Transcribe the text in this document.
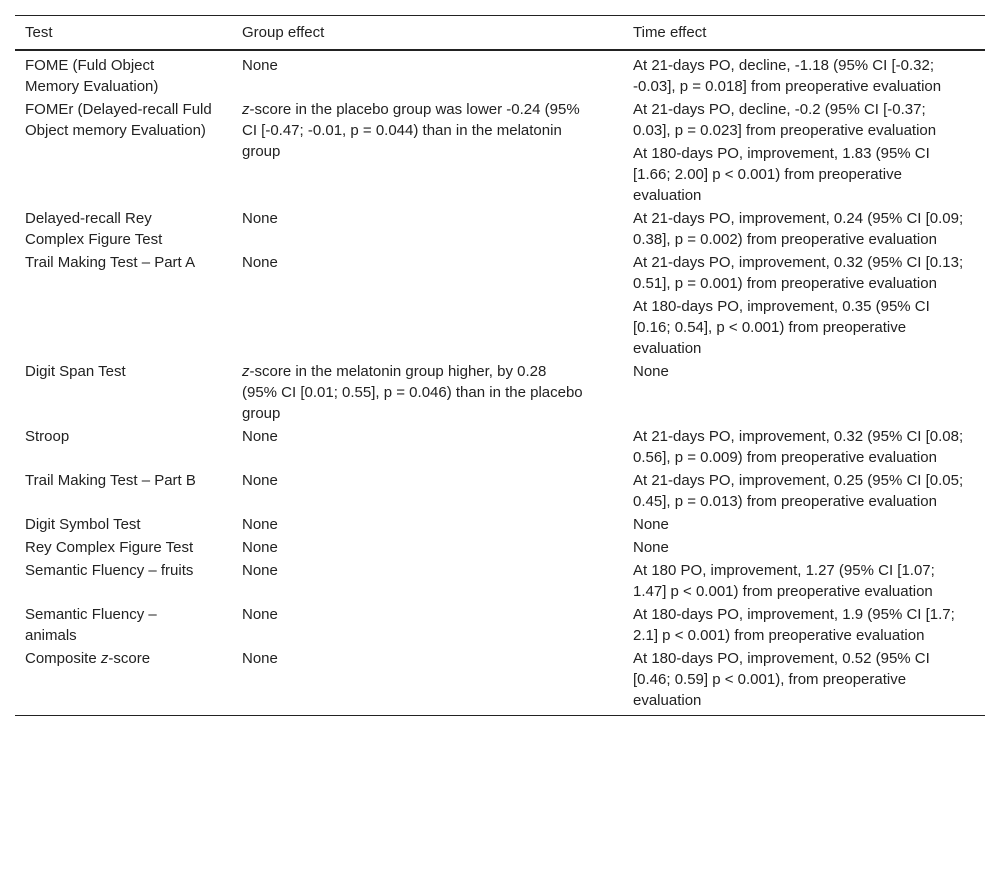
Test	Group effect	Time effect

FOME (Fuld Object Memory Evaluation)	None	At 21-days PO, decline, -1.18 (95% CI [-0.32; -0.03], p = 0.018] from preoperative evaluation

FOMEr (Delayed-recall Fuld Object memory Evaluation)	z-score in the placebo group was lower -0.24 (95% CI [-0.47; -0.01, p = 0.044) than in the melatonin group	At 21-days PO, decline, -0.2 (95% CI [-0.37; 0.03], p = 0.023] from preoperative evaluation
At 180-days PO, improvement, 1.83 (95% CI [1.66; 2.00] p < 0.001) from preoperative evaluation

Delayed-recall Rey Complex Figure Test	None	At 21-days PO, improvement, 0.24 (95% CI [0.09; 0.38], p = 0.002) from preoperative evaluation

Trail Making Test – Part A	None	At 21-days PO, improvement, 0.32 (95% CI [0.13; 0.51], p = 0.001) from preoperative evaluation
At 180-days PO, improvement, 0.35 (95% CI [0.16; 0.54], p < 0.001) from preoperative evaluation

Digit Span Test	z-score in the melatonin group higher, by 0.28 (95% CI [0.01; 0.55], p = 0.046) than in the placebo group	None

Stroop	None	At 21-days PO, improvement, 0.32 (95% CI [0.08; 0.56], p = 0.009) from preoperative evaluation

Trail Making Test – Part B	None	At 21-days PO, improvement, 0.25 (95% CI [0.05; 0.45], p = 0.013) from preoperative evaluation

Digit Symbol Test	None	None

Rey Complex Figure Test	None	None

Semantic Fluency – fruits	None	At 180 PO, improvement, 1.27 (95% CI [1.07; 1.47] p < 0.001) from preoperative evaluation

Semantic Fluency – animals	None	At 180-days PO, improvement, 1.9 (95% CI [1.7; 2.1] p < 0.001) from preoperative evaluation

Composite z-score	None	At 180-days PO, improvement, 0.52 (95% CI [0.46; 0.59] p < 0.001), from preoperative evaluation
